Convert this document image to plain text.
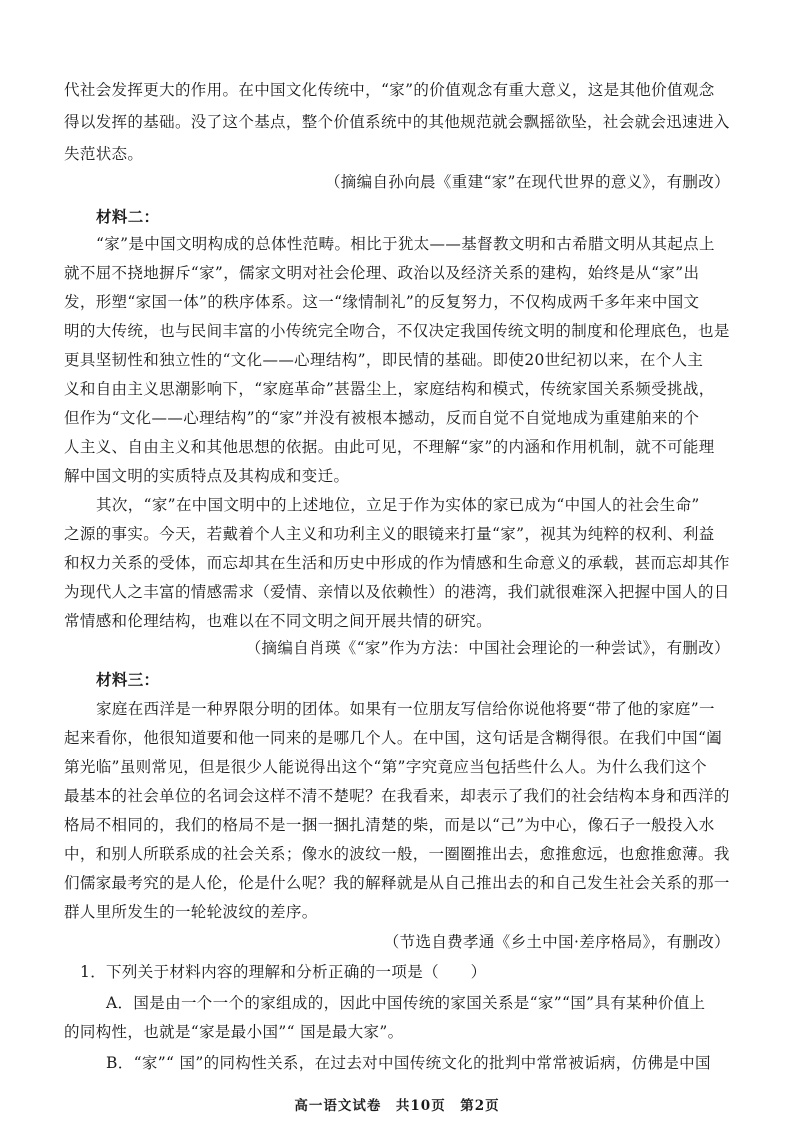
代社会发挥更大的作用。在中国文化传统中，“家”的价值观念有重大意义，这是其他价值观念
得以发挥的基础。没了这个基点，整个价值系统中的其他规范就会飘摇欲坠，社会就会迅速进入
失范状态。
（摘编自孙向晨《重建“家”在现代世界的意义》，有删改）
材料二：
“家”是中国文明构成的总体性范畴。相比于犹太——基督教文明和古希腊文明从其起点上
就不屈不挠地摒斥“家”，儒家文明对社会伦理、政治以及经济关系的建构，始终是从“家”出
发，形塑“家国一体”的秩序体系。这一“缘情制礼”的反复努力，不仅构成两千多年来中国文
明的大传统，也与民间丰富的小传统完全吻合，不仅决定我国传统文明的制度和伦理底色，也是
更具坚韧性和独立性的“文化——心理结构”，即民情的基础。即使20世纪初以来，在个人主
义和自由主义思潮影响下，“家庭革命”甚嚣尘上，家庭结构和模式，传统家国关系频受挑战，
但作为“文化——心理结构”的“家”并没有被根本撼动，反而自觉不自觉地成为重建舶来的个
人主义、自由主义和其他思想的依据。由此可见，不理解“家”的内涵和作用机制，就不可能理
解中国文明的实质特点及其构成和变迁。
其次，“家”在中国文明中的上述地位，立足于作为实体的家已成为“中国人的社会生命”
之源的事实。今天，若戴着个人主义和功利主义的眼镜来打量“家”，视其为纯粹的权利、利益
和权力关系的受体，而忘却其在生活和历史中形成的作为情感和生命意义的承载，甚而忘却其作
为现代人之丰富的情感需求（爱情、亲情以及依赖性）的港湾，我们就很难深入把握中国人的日
常情感和伦理结构，也难以在不同文明之间开展共情的研究。
（摘编自肖瑛《“家”作为方法：中国社会理论的一种尝试》，有删改）
材料三：
家庭在西洋是一种界限分明的团体。如果有一位朋友写信给你说他将要“带了他的家庭”一
起来看你，他很知道要和他一同来的是哪几个人。在中国，这句话是含糊得很。在我们中国“阖
第光临”虽则常见，但是很少人能说得出这个“第”字究竟应当包括些什么人。为什么我们这个
最基本的社会单位的名词会这样不清不楚呢？在我看来，却表示了我们的社会结构本身和西洋的
格局不相同的，我们的格局不是一捆一捆扎清楚的柴，而是以“己”为中心，像石子一般投入水
中，和别人所联系成的社会关系；像水的波纹一般，一圈圈推出去，愈推愈远，也愈推愈薄。我
们儒家最考究的是人伦，伦是什么呢？我的解释就是从自己推出去的和自己发生社会关系的那一
群人里所发生的一轮轮波纹的差序。
（节选自费孝通《乡土中国·差序格局》，有删改）
1．下列关于材料内容的理解和分析正确的一项是（　　）
A．国是由一个一个的家组成的，因此中国传统的家国关系是“家”“国”具有某种价值上
的同构性，也就是“家是最小国”“ 国是最大家”。
B．“家”“ 国”的同构性关系，在过去对中国传统文化的批判中常常被诟病，仿佛是中国
高一语文试卷　共10页　第2页
